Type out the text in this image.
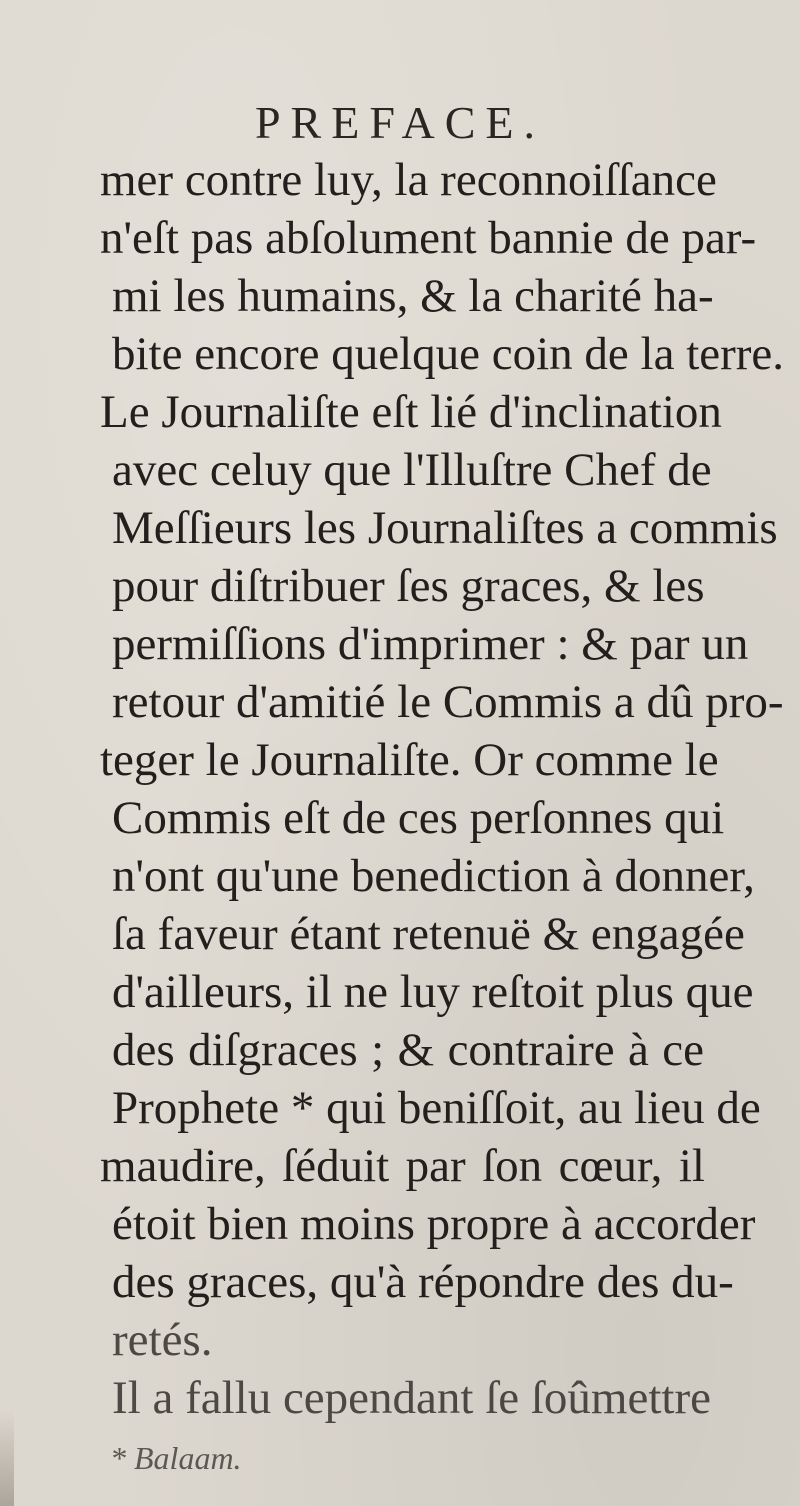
PREFACE.
mer contre luy, la reconnoiſſance
n'eſt pas abſolument bannie de par-
mi les humains, & la charité ha-
bite encore quelque coin de la terre.
Le Journaliſte eſt lié d'inclination
avec celuy que l'Illuſtre Chef de
Meſſieurs les Journaliſtes a commis
pour diſtribuer ſes graces, & les
permiſſions d'imprimer : & par un
retour d'amitié le Commis a dû pro-
teger le Journaliſte. Or comme le
Commis eſt de ces perſonnes qui
n'ont qu'une benediction à donner,
ſa faveur étant retenuë & engagée
d'ailleurs, il ne luy reſtoit plus que
des diſgraces ; & contraire à ce
Prophete * qui beniſſoit, au lieu de
maudire, ſéduit par ſon cœur, il
étoit bien moins propre à accorder
des graces, qu'à répondre des du-
retés.
Il a fallu cependant ſe ſoûmettre
* Balaam.
